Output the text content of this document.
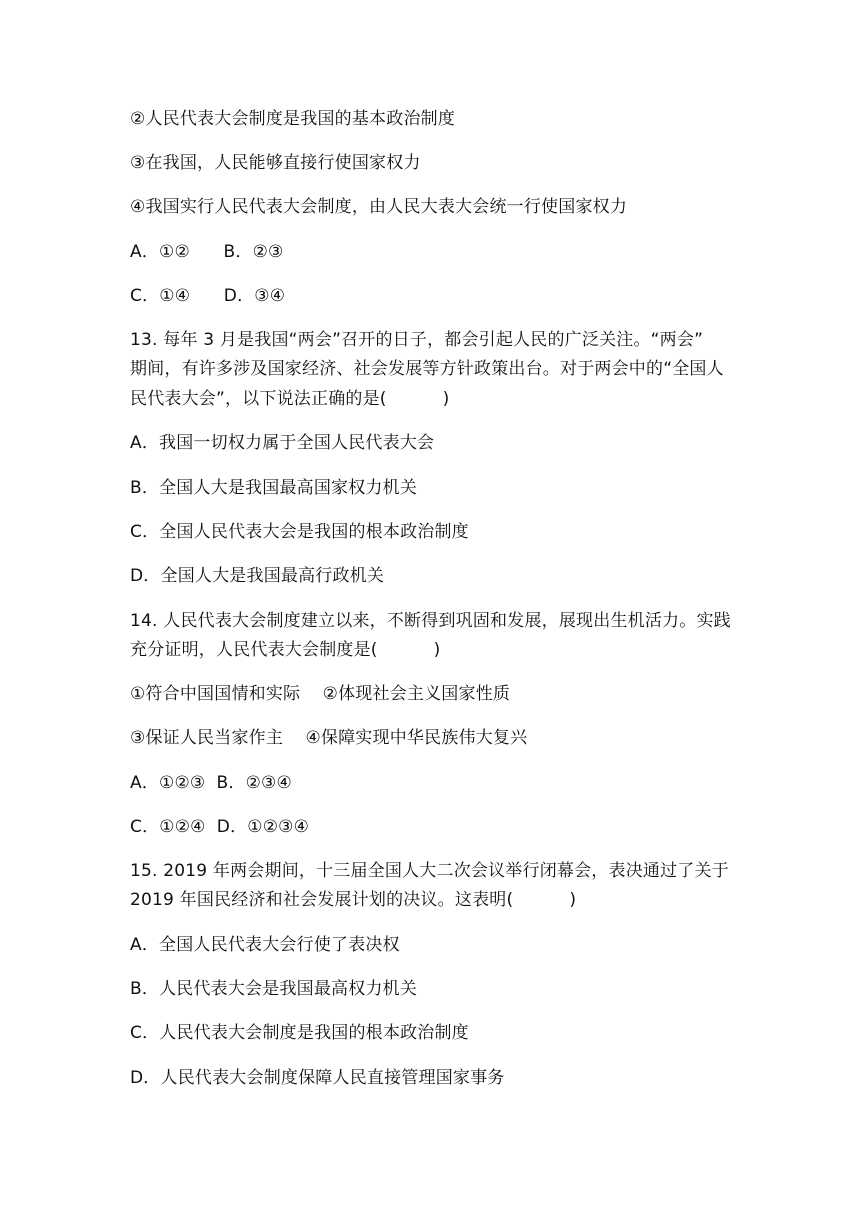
②人民代表大会制度是我国的基本政治制度
③在我国，人民能够直接行使国家权力
④我国实行人民代表大会制度，由人民大表大会统一行使国家权力
A．①②      B．②③
C．①④      D．③④
13. 每年 3 月是我国“两会”召开的日子，都会引起人民的广泛关注。“两会”
期间，有许多涉及国家经济、社会发展等方针政策出台。对于两会中的“全国人
民代表大会”，以下说法正确的是(          )
A．我国一切权力属于全国人民代表大会
B．全国人大是我国最高国家权力机关
C．全国人民代表大会是我国的根本政治制度
D．全国人大是我国最高行政机关
14. 人民代表大会制度建立以来，不断得到巩固和发展，展现出生机活力。实践
充分证明，人民代表大会制度是(          )
①符合中国国情和实际    ②体现社会主义国家性质
③保证人民当家作主    ④保障实现中华民族伟大复兴
A．①②③  B．②③④
C．①②④  D．①②③④
15. 2019 年两会期间，十三届全国人大二次会议举行闭幕会，表决通过了关于
2019 年国民经济和社会发展计划的决议。这表明(          )
A．全国人民代表大会行使了表决权
B．人民代表大会是我国最高权力机关
C．人民代表大会制度是我国的根本政治制度
D．人民代表大会制度保障人民直接管理国家事务
